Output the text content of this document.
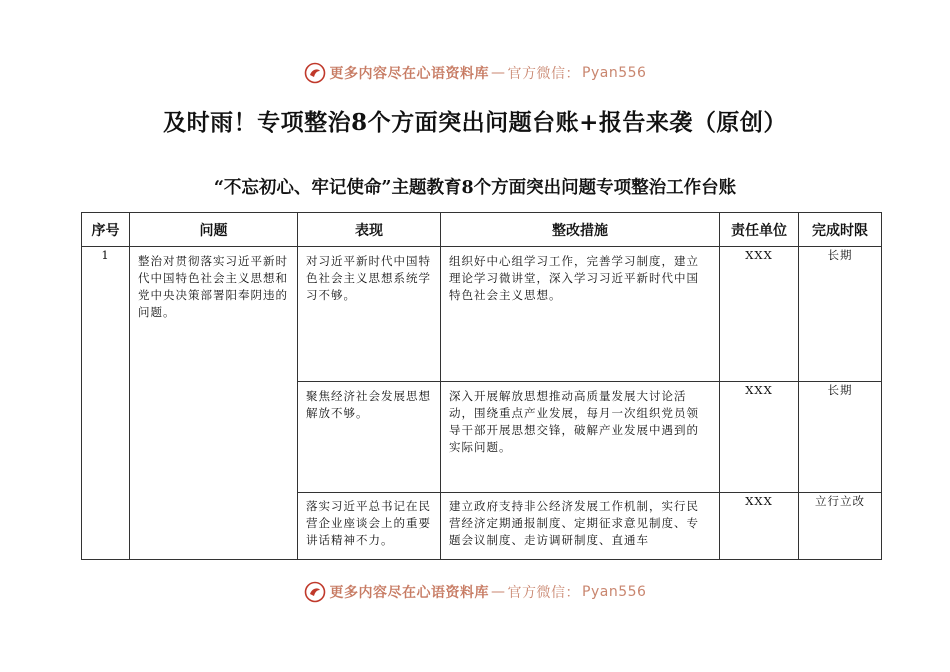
更多内容尽在心语资料库 — 官方微信： Pyan556
及时雨！专项整治8个方面突出问题台账+报告来袭（原创）
“不忘初心、牢记使命”主题教育8个方面突出问题专项整治工作台账
序号	问题	表现	整改措施	责任单位	完成时限
1	整治对贯彻落实习近平新时代中国特色社会主义思想和党中央决策部署阳奉阴违的问题。	对习近平新时代中国特色社会主义思想系统学习不够。	组织好中心组学习工作，完善学习制度，建立理论学习微讲堂，深入学习习近平新时代中国特色社会主义思想。	XXX	长期

		聚焦经济社会发展思想解放不够。	深入开展解放思想推动高质量发展大讨论活动，围绕重点产业发展，每月一次组织党员领导干部开展思想交锋，破解产业发展中遇到的实际问题。	XXX	长期

		落实习近平总书记在民营企业座谈会上的重要讲话精神不力。	建立政府支持非公经济发展工作机制，实行民营经济定期通报制度、定期征求意见制度、专题会议制度、走访调研制度、直通车	XXX	立行立改
更多内容尽在心语资料库 — 官方微信： Pyan556
